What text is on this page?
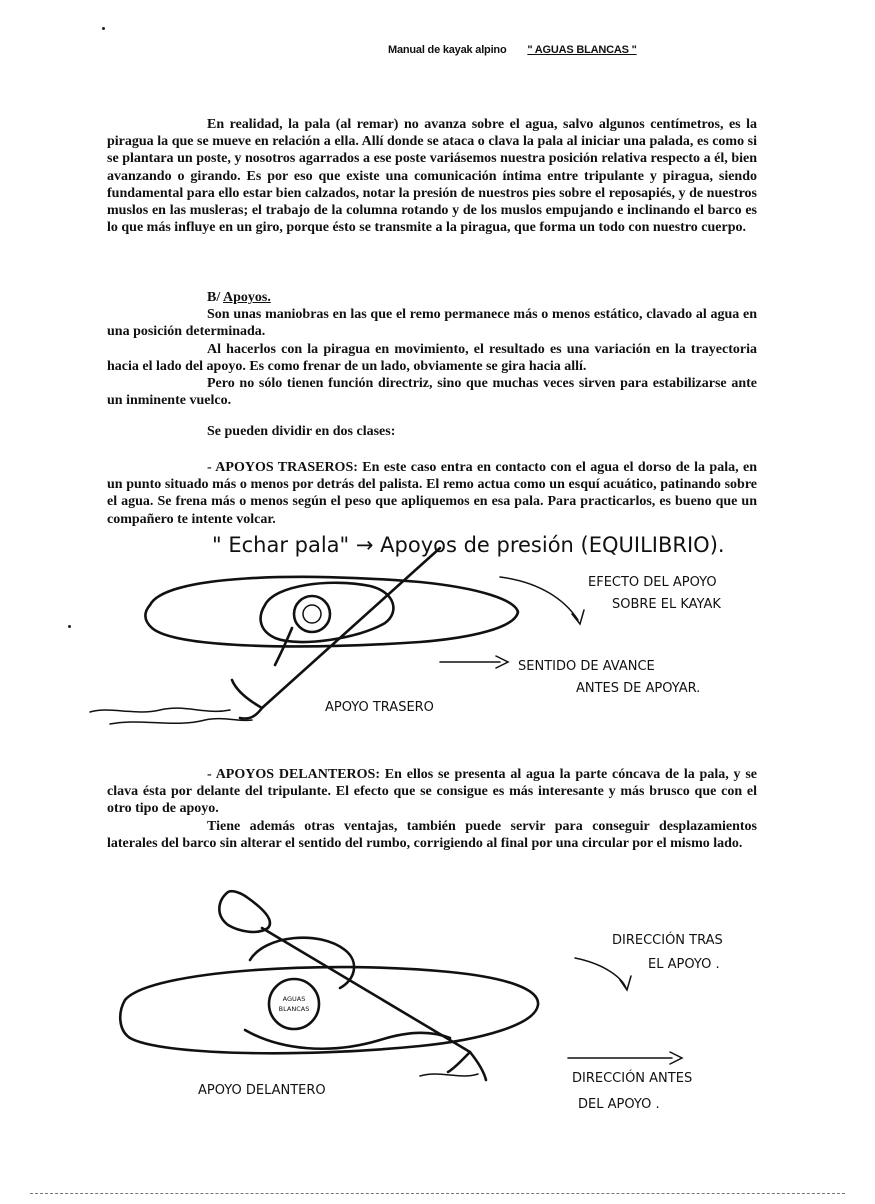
Manual de kayak alpino " AGUAS BLANCAS "

En realidad, la pala (al remar) no avanza sobre el agua, salvo algunos centímetros, es la piragua la que se mueve en relación a ella. Allí donde se ataca o clava la pala al iniciar una palada, es como si se plantara un poste, y nosotros agarrados a ese poste variásemos nuestra posición relativa respecto a él, bien avanzando o girando. Es por eso que existe una comunicación íntima entre tripulante y piragua, siendo fundamental para ello estar bien calzados, notar la presión de nuestros pies sobre el reposapiés, y de nuestros muslos en las musleras; el trabajo de la columna rotando y de los muslos empujando e inclinando el barco es lo que más influye en un giro, porque ésto se transmite a la piragua, que forma un todo con nuestro cuerpo.

B/ Apoyos.

Son unas maniobras en las que el remo permanece más o menos estático, clavado al agua en una posición determinada.

Al hacerlos con la piragua en movimiento, el resultado es una variación en la trayectoria hacia el lado del apoyo. Es como frenar de un lado, obviamente se gira hacia allí.

Pero no sólo tienen función directriz, sino que muchas veces sirven para estabilizarse ante un inminente vuelco.

Se pueden dividir en dos clases:

- APOYOS TRASEROS: En este caso entra en contacto con el agua el dorso de la pala, en un punto situado más o menos por detrás del palista. El remo actua como un esquí acuático, patinando sobre el agua. Se frena más o menos según el peso que apliquemos en esa pala. Para practicarlos, es bueno que un compañero te intente volcar.

" Echar pala" → Apoyos de presión (EQUILIBRIO).
EFECTO DEL APOYO
SOBRE EL KAYAK
SENTIDO DE AVANCE
ANTES DE APOYAR.
APOYO TRASERO

- APOYOS DELANTEROS: En ellos se presenta al agua la parte cóncava de la pala, y se clava ésta por delante del tripulante. El efecto que se consigue es más interesante y más brusco que con el otro tipo de apoyo.

Tiene además otras ventajas, también puede servir para conseguir desplazamientos laterales del barco sin alterar el sentido del rumbo, corrigiendo al final por una circular por el mismo lado.

AGUAS
BLANCAS
DIRECCIÓN TRAS
EL APOYO .
DIRECCIÓN ANTES
DEL APOYO .
APOYO DELANTERO
